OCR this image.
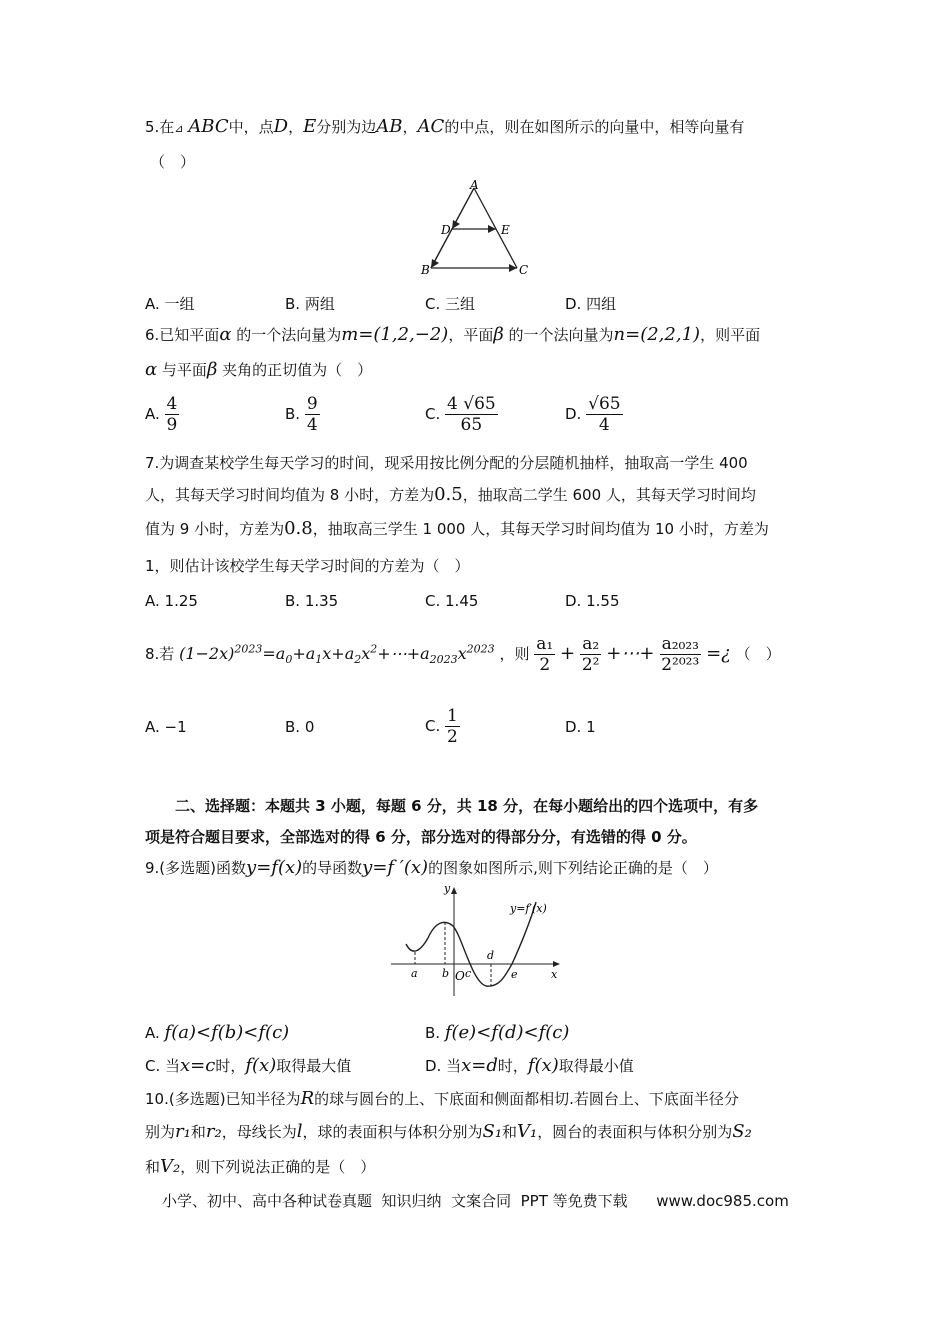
5.在⊿ ABC中，点D，E分别为边AB，AC的中点，则在如图所示的向量中，相等向量有
（　）
A
B	C
D	E
A. 一组	B. 两组	C. 三组	D. 四组
6.已知平面α 的一个法向量为m=(1,2,−2)，平面β 的一个法向量为n=(2,2,1)，则平面
α 与平面β 夹角的正切值为（　）
A. $\frac{4}{9}$	B. $\frac{9}{4}$	C. $\frac{4 √65}{65}$	D. $\frac{√65}{4}$
7.为调查某校学生每天学习的时间，现采用按比例分配的分层随机抽样，抽取高一学生 400
人，其每天学习时间均值为 8 小时，方差为0.5，抽取高二学生 600 人，其每天学习时间均
值为 9 小时，方差为0.8，抽取高三学生 1 000 人，其每天学习时间均值为 10 小时，方差为
1，则估计该校学生每天学习时间的方差为（　）
A. 1.25	B. 1.35	C. 1.45	D. 1.55
8.若 $(1-2x)^{2023}=a_0+a_1x+a_2x^2+\cdots+a_{2023}x^{2023}$ ，则 $\frac{\text{a₁}}{2} + \frac{\text{a₂}}{\text{2²}}$ +⋯+ $\frac{\text{a₂₀₂₃}}{\text{2²⁰²³}}$ =¿ （　）
A. −1	B. 0	C. $\frac{1}{2}$	D. 1
二、选择题：本题共 3 小题，每题 6 分，共 18 分，在每小题给出的四个选项中，有多
项是符合题目要求，全部选对的得 6 分，部分选对的得部分分，有选错的得 0 分。
9.(多选题)函数y=f(x)的导函数y=f ′(x)的图象如图所示,则下列结论正确的是（　）
y
x
y=f′(x)
a b O c
d
e
A. f(a)<f(b)<f(c)	B. f(e)<f(d)<f(c)
C. 当x=c时，f(x)取得最大值	D. 当x=d时，f(x)取得最小值
10.(多选题)已知半径为R的球与圆台的上、下底面和侧面都相切.若圆台上、下底面半径分
别为r₁和r₂，母线长为l，球的表面积与体积分别为S₁和V₁，圆台的表面积与体积分别为S₂
和V₂，则下列说法正确的是（　）
小学、初中、高中各种试卷真题  知识归纳  文案合同  PPT 等免费下载      www.doc985.com
